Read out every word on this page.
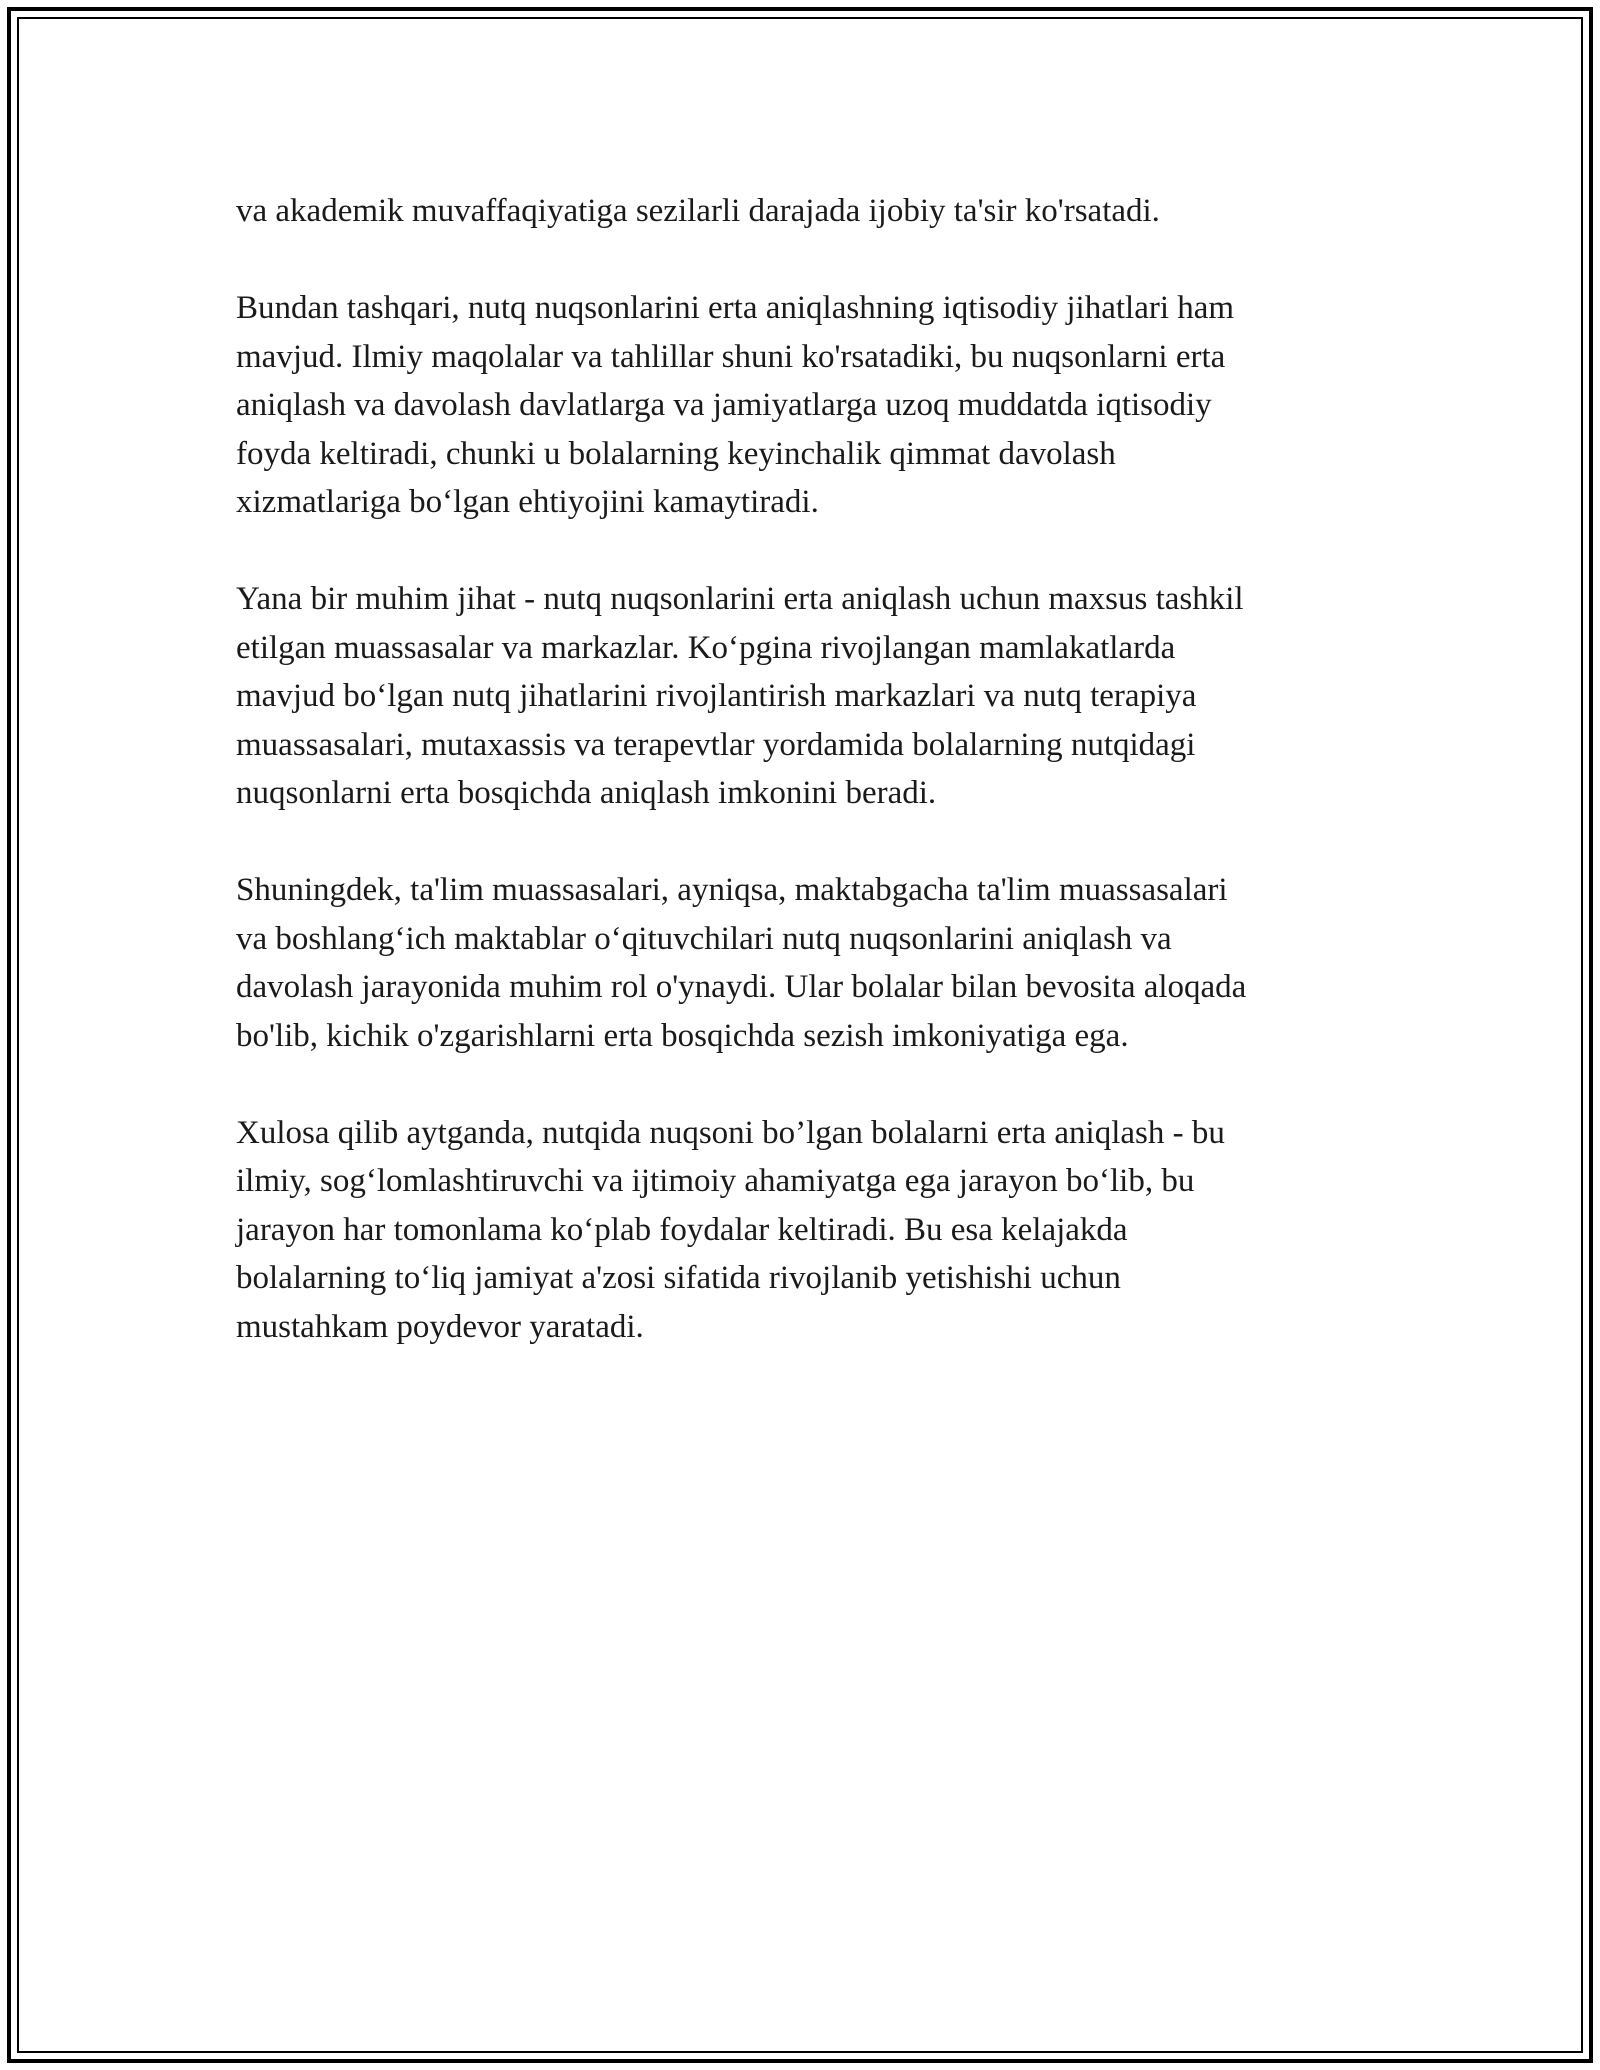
va akademik muvaffaqiyatiga sezilarli darajada ijobiy ta'sir ko'rsatadi.

Bundan tashqari, nutq nuqsonlarini erta aniqlashning iqtisodiy jihatlari ham
mavjud. Ilmiy maqolalar va tahlillar shuni ko'rsatadiki, bu nuqsonlarni erta
aniqlash va davolash davlatlarga va jamiyatlarga uzoq muddatda iqtisodiy
foyda keltiradi, chunki u bolalarning keyinchalik qimmat davolash
xizmatlariga bo‘lgan ehtiyojini kamaytiradi.

Yana bir muhim jihat - nutq nuqsonlarini erta aniqlash uchun maxsus tashkil
etilgan muassasalar va markazlar. Ko‘pgina rivojlangan mamlakatlarda
mavjud bo‘lgan nutq jihatlarini rivojlantirish markazlari va nutq terapiya
muassasalari, mutaxassis va terapevtlar yordamida bolalarning nutqidagi
nuqsonlarni erta bosqichda aniqlash imkonini beradi.

Shuningdek, ta'lim muassasalari, ayniqsa, maktabgacha ta'lim muassasalari
va boshlang‘ich maktablar o‘qituvchilari nutq nuqsonlarini aniqlash va
davolash jarayonida muhim rol o'ynaydi. Ular bolalar bilan bevosita aloqada
bo'lib, kichik o'zgarishlarni erta bosqichda sezish imkoniyatiga ega.

Xulosa qilib aytganda, nutqida nuqsoni bo’lgan bolalarni erta aniqlash - bu
ilmiy, sog‘lomlashtiruvchi va ijtimoiy ahamiyatga ega jarayon bo‘lib, bu
jarayon har tomonlama ko‘plab foydalar keltiradi. Bu esa kelajakda
bolalarning to‘liq jamiyat a'zosi sifatida rivojlanib yetishishi uchun
mustahkam poydevor yaratadi.
